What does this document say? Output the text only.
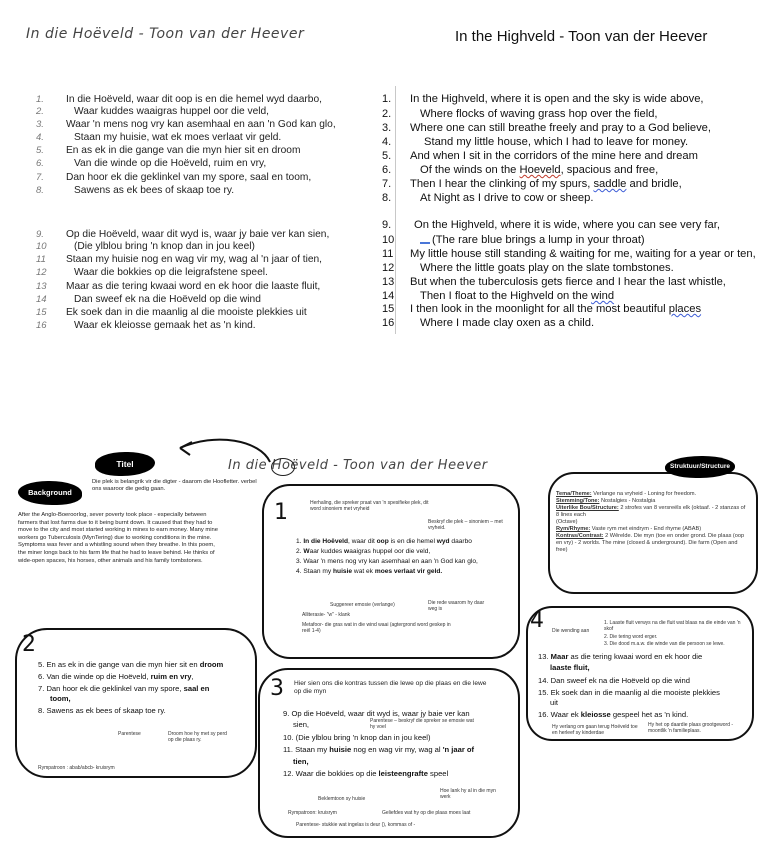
In die Hoëveld - Toon van der Heever
1. In die Hoëveld, waar dit oop is en die hemel wyd daarbo,
2.	Waar kuddes waaigras huppel oor die veld,
3. Waar 'n mens nog vry kan asemhaal en aan 'n God kan glo,
4.	Staan my huisie, wat ek moes verlaat vir geld.
5. En as ek in die gange van die myn hier sit en droom
6.	Van die winde op die Hoëveld, ruim en vry,
7. Dan hoor ek die geklinkel van my spore, saal en toom,
8.	Sawens as ek bees of skaap toe ry.
9. Op die Hoëveld, waar dit wyd is, waar jy baie ver kan sien,
10	(Die ylblou bring 'n knop dan in jou keel)
11 Staan my huisie nog en wag vir my, wag al 'n jaar of tien,
12	Waar die bokkies op die leigrafstene speel.
13 Maar as die tering kwaai word en ek hoor die laaste fluit,
14	Dan sweef ek na die Hoëveld op die wind
15 Ek soek dan in die maanlig al die mooiste plekkies uit
16	Waar ek kleiosse gemaak het as 'n kind.
In the Highveld - Toon van der Heever
1. In the Highveld, where it is open and the sky is wide above,
2.	Where flocks of waving grass hop over the field,
3. Where one can still breathe freely and pray to a God believe,
4.	Stand my little house, which I had to leave for money.
5. And when I sit in the corridors of the mine here and dream
6.	Of the winds on the Hoeveld, spacious and free,
7. Then I hear the clinking of my spurs, saddle and bridle,
8.	At Night as I drive to cow or sheep.
9. On the Highveld, where it is wide, where you can see very far,
10	(The rare blue brings a lump in your throat)
11 My little house still standing & waiting for me, waiting for a year or ten,
12 Where the little goats play on the slate tombstones.
13 But when the tuberculosis gets fierce and I hear the last whistle,
14 Then I float to the Highveld on the wind
15 I then look in the moonlight for all the most beautiful places
16 Where I made clay oxen as a child.
In die Hoëveld - Toon van der Heever
Titel
Die plek is belangrik vir die digter - daarom die Hoofletter. verbel ons waaroor die gedig gaan.
Background
After the Anglo-Boeroorlog, sever poverty took place - especially between farmers that lost farms due to it being burnt down. It caused that they had to move to the city and most started working in mines to earn money. Many mine workers go Tuberculosis (MynTering) due to working conditions in the mine. Symptoms was fever and a whistling sound when they breathe. In this poem, the miner longs back to his farm life that he had to leave behind. He thinks of wide-open spaces, his horses, other animals and his family tombstones.
Struktuur/Structure
Tema/Theme: Verlange na vryheid - Loning for freedom.
Stemming/Tone: Nostalgies - Nostalgia
Uiterlike Bou/Structure: 2 strofes van 8 versreëls elk (oktaaf. - 2 stanzas of 8 lines each
(Octave)
Rym/Rhyme: Vaste rym met eindrym - End rhyme (ABAB)
Kontras/Contrast: 2 Wêrelde. Die myn (toe en onder grond. Die plaas (oop en vry) - 2 worlds. The mine (closed & underground). Die farm (Open and free)
1	Herhaling, die spreker praat van 'n spesifieke plek, dit word sinoniem met vryheid
Beskryf die plek – sinoniem – met vryheid.
1. In die Hoëveld, waar dit oop is en die hemel wyd daarbo
2. Waar kuddes waaigras huppel oor die veld,
3. Waar 'n mens nog vry kan asemhaal en aan 'n God kan glo,
4. Staan my huisie wat ek moes verlaat vir geld.
Suggereer emosie (verlange)	Die rede waarom hy daar weg is
Alliterasie- "w" - klank
Metafoor- die gras wat in die wind waai (agtergrond word geskep in reël 1-4)
2
5. En as ek in die gange van die myn hier sit en droom
6. Van die winde op die Hoëveld, ruim en vry,
7. Dan hoor ek die geklinkel van my spore, saal en
toom,
8. Sawens as ek bees of skaap toe ry.
Parentese	Droom hoe hy met sy perd op die plaas ry.
Rympatroon : abab/abcb- kruisrym
3 Hier sien ons die kontras tussen die lewe op die plaas en die lewe op die myn
9. Op die Hoëveld, waar dit wyd is, waar jy baie ver kan
sien,	Parentese – beskryf die spreker se emosie wat hy voel
10. (Die ylblou bring 'n knop dan in jou keel)
11. Staan my huisie nog en wag vir my, wag al 'n jaar of
tien,
12. Waar die bokkies op die leisteengrafte speel
Beklemtoon sy huisie
Hoe lank hy al in die myn werk
Rympatroon: kruisrym	Geliefdes wat hy op die plaas moes laat
Parentese- stukkie wat ingelas is deur (), kommas of -
4 Die wending aan
1. Laaste fluit verwys na die fluit wat blaas na die einde van 'n skof
2. Die tering word erger.
3. Die dood m.a.w. die winde van die persoon se lewe.
13. Maar as die tering kwaai word en ek hoor die
laaste fluit,
14. Dan sweef ek na die Hoëveld op die wind
15. Ek soek dan in die maanlig al die mooiste plekkies
uit
16. Waar ek kleiosse gespeel het as 'n kind.
Hy verlang om gaan terug Hoëveld toe en herleef sy kinderdae
Hy het op daardie plaas grootgeword - moontlik 'n familieplaas.
